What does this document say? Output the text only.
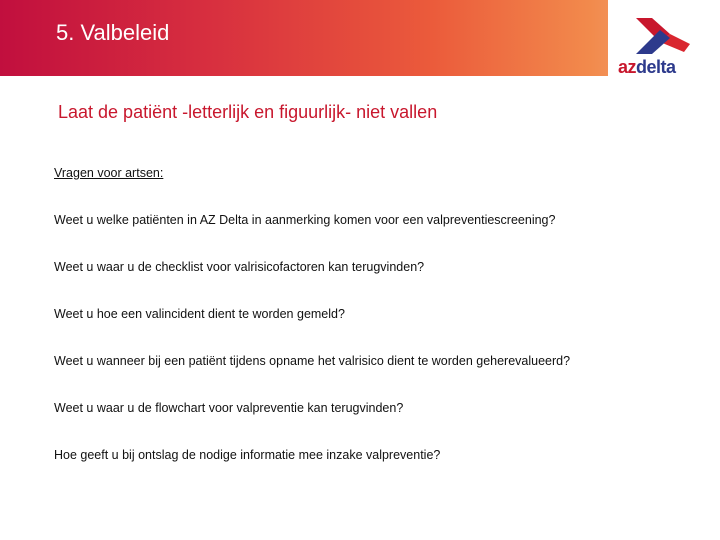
5. Valbeleid
azdelta
Laat de patiënt -letterlijk en figuurlijk- niet vallen
Vragen voor artsen:
Weet u welke patiënten in AZ Delta in aanmerking komen voor een valpreventiescreening?
Weet u waar u de checklist voor valrisicofactoren kan terugvinden?
Weet u hoe een valincident dient te worden gemeld?
Weet u wanneer bij een patiënt tijdens opname het valrisico dient te worden geherevalueerd?
Weet u waar u de flowchart voor valpreventie kan terugvinden?
Hoe geeft u bij ontslag de nodige informatie mee inzake valpreventie?
